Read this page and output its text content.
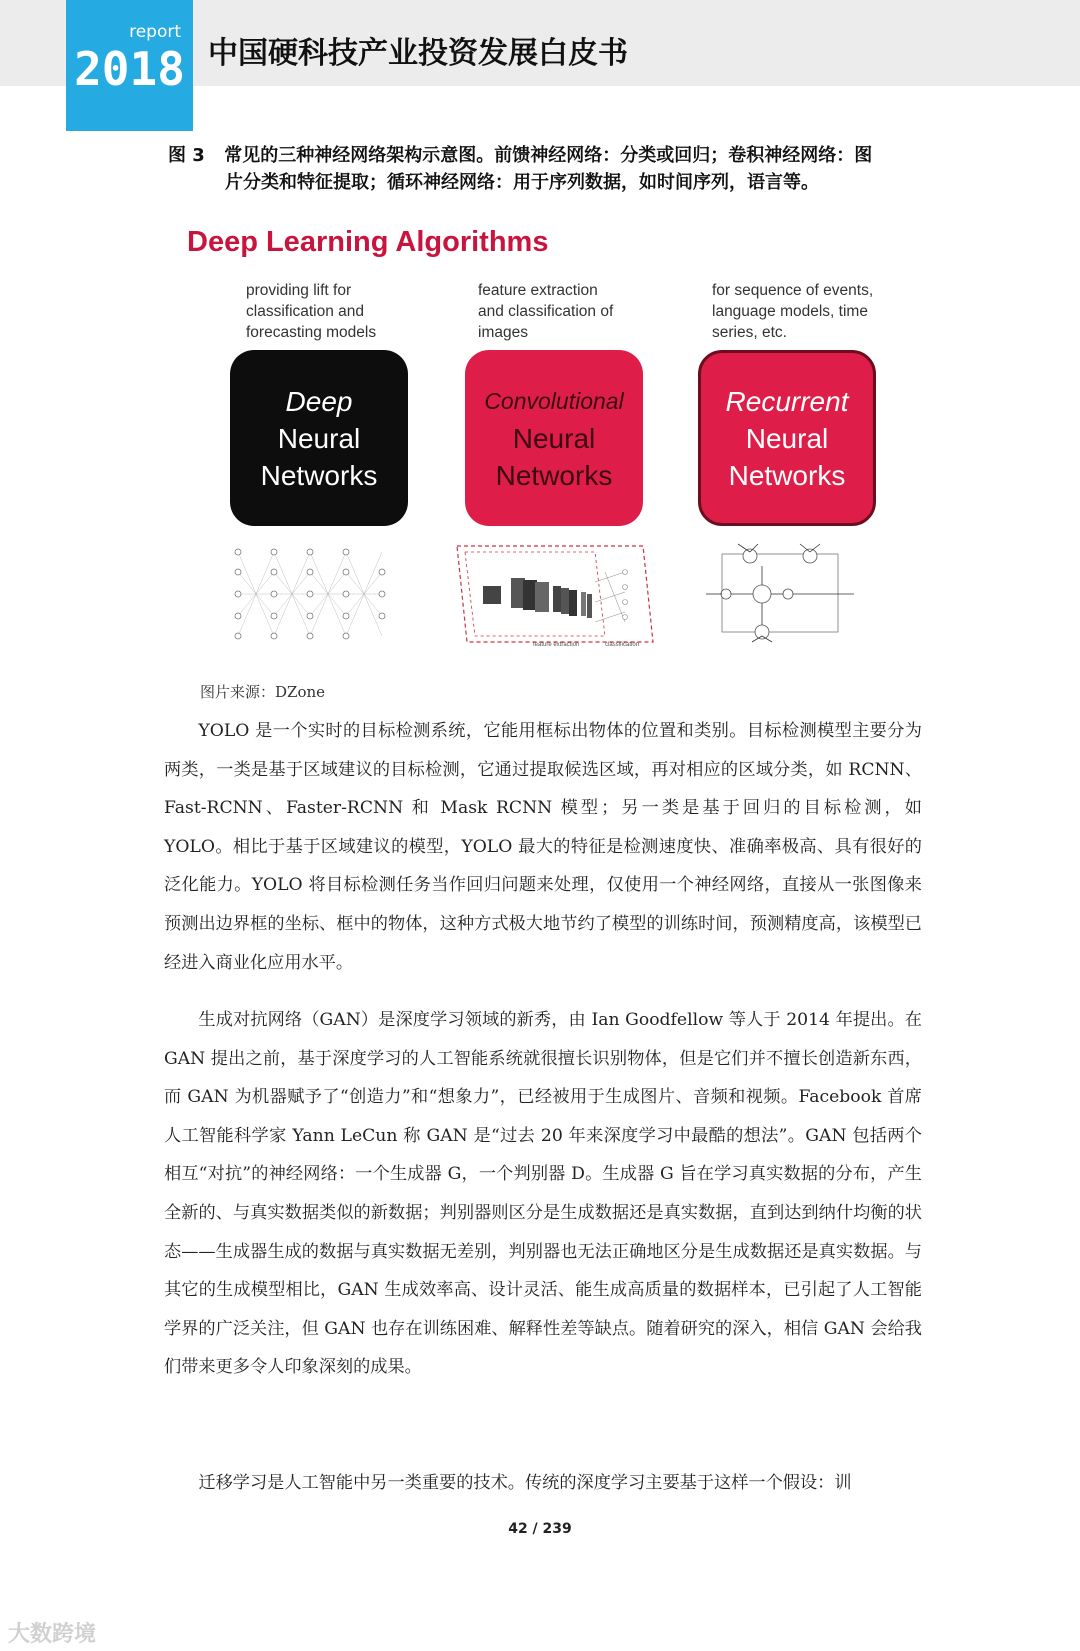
report
2018 中国硬科技产业投资发展白皮书
图 3 常见的三种神经网络架构示意图。前馈神经网络：分类或回归；卷积神经网络：图
片分类和特征提取；循环神经网络：用于序列数据，如时间序列，语言等。
Deep Learning Algorithms
providing lift for
classification and
forecasting models
Deep
Neural
Networks
feature extraction
and classification of
images
Convolutional
Neural
Networks
for sequence of events,
language models, time
series, etc.
Recurrent
Neural
Networks
feature extraction	classification
图片来源：DZone

YOLO 是一个实时的目标检测系统，它能用框标出物体的位置和类别。目标检测模型主要分为两类，一类是基于区域建议的目标检测，它通过提取候选区域，再对相应的区域分类，如 RCNN、Fast-RCNN、Faster-RCNN 和 Mask RCNN 模型；另一类是基于回归的目标检测，如 YOLO。相比于基于区域建议的模型，YOLO 最大的特征是检测速度快、准确率极高、具有很好的泛化能力。YOLO 将目标检测任务当作回归问题来处理，仅使用一个神经网络，直接从一张图像来预测出边界框的坐标、框中的物体，这种方式极大地节约了模型的训练时间，预测精度高，该模型已经进入商业化应用水平。

生成对抗网络（GAN）是深度学习领域的新秀，由 Ian Goodfellow 等人于 2014 年提出。在 GAN 提出之前，基于深度学习的人工智能系统就很擅长识别物体，但是它们并不擅长创造新东西，而 GAN 为机器赋予了“创造力”和“想象力”，已经被用于生成图片、音频和视频。Facebook 首席人工智能科学家 Yann LeCun 称 GAN 是“过去 20 年来深度学习中最酷的想法”。GAN 包括两个相互“对抗”的神经网络：一个生成器 G，一个判别器 D。生成器 G 旨在学习真实数据的分布，产生全新的、与真实数据类似的新数据；判别器则区分是生成数据还是真实数据，直到达到纳什均衡的状态——生成器生成的数据与真实数据无差别，判别器也无法正确地区分是生成数据还是真实数据。与其它的生成模型相比，GAN 生成效率高、设计灵活、能生成高质量的数据样本，已引起了人工智能学界的广泛关注，但 GAN 也存在训练困难、解释性差等缺点。随着研究的深入，相信 GAN 会给我们带来更多令人印象深刻的成果。

迁移学习是人工智能中另一类重要的技术。传统的深度学习主要基于这样一个假设：训

42 / 239
大数跨境
